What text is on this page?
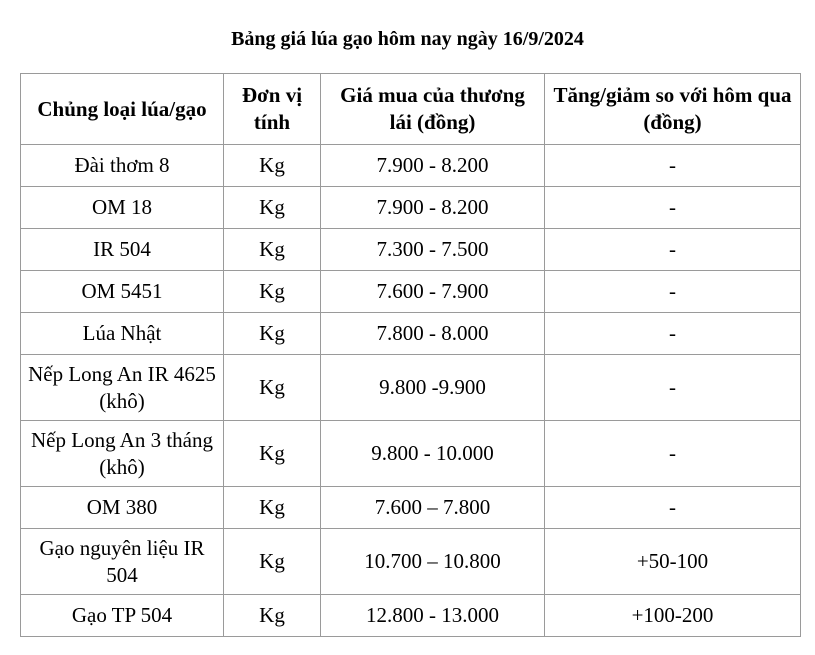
Bảng giá lúa gạo hôm nay ngày 16/9/2024
Chủng loại lúa/gạo	Đơn vị tính	Giá mua của thương lái (đồng)	Tăng/giảm so với hôm qua (đồng)
Đài thơm 8	Kg	7.900 - 8.200	-
OM 18	Kg	7.900 - 8.200	-
IR 504	Kg	7.300 - 7.500	-
OM 5451	Kg	7.600 - 7.900	-
Lúa Nhật	Kg	7.800 - 8.000	-
Nếp Long An IR 4625 (khô)	Kg	9.800 -9.900	-
Nếp Long An 3 tháng (khô)	Kg	9.800 - 10.000	-
OM 380	Kg	7.600 – 7.800	-
Gạo nguyên liệu IR 504	Kg	10.700 – 10.800	+50-100
Gạo TP 504	Kg	12.800 - 13.000	+100-200
